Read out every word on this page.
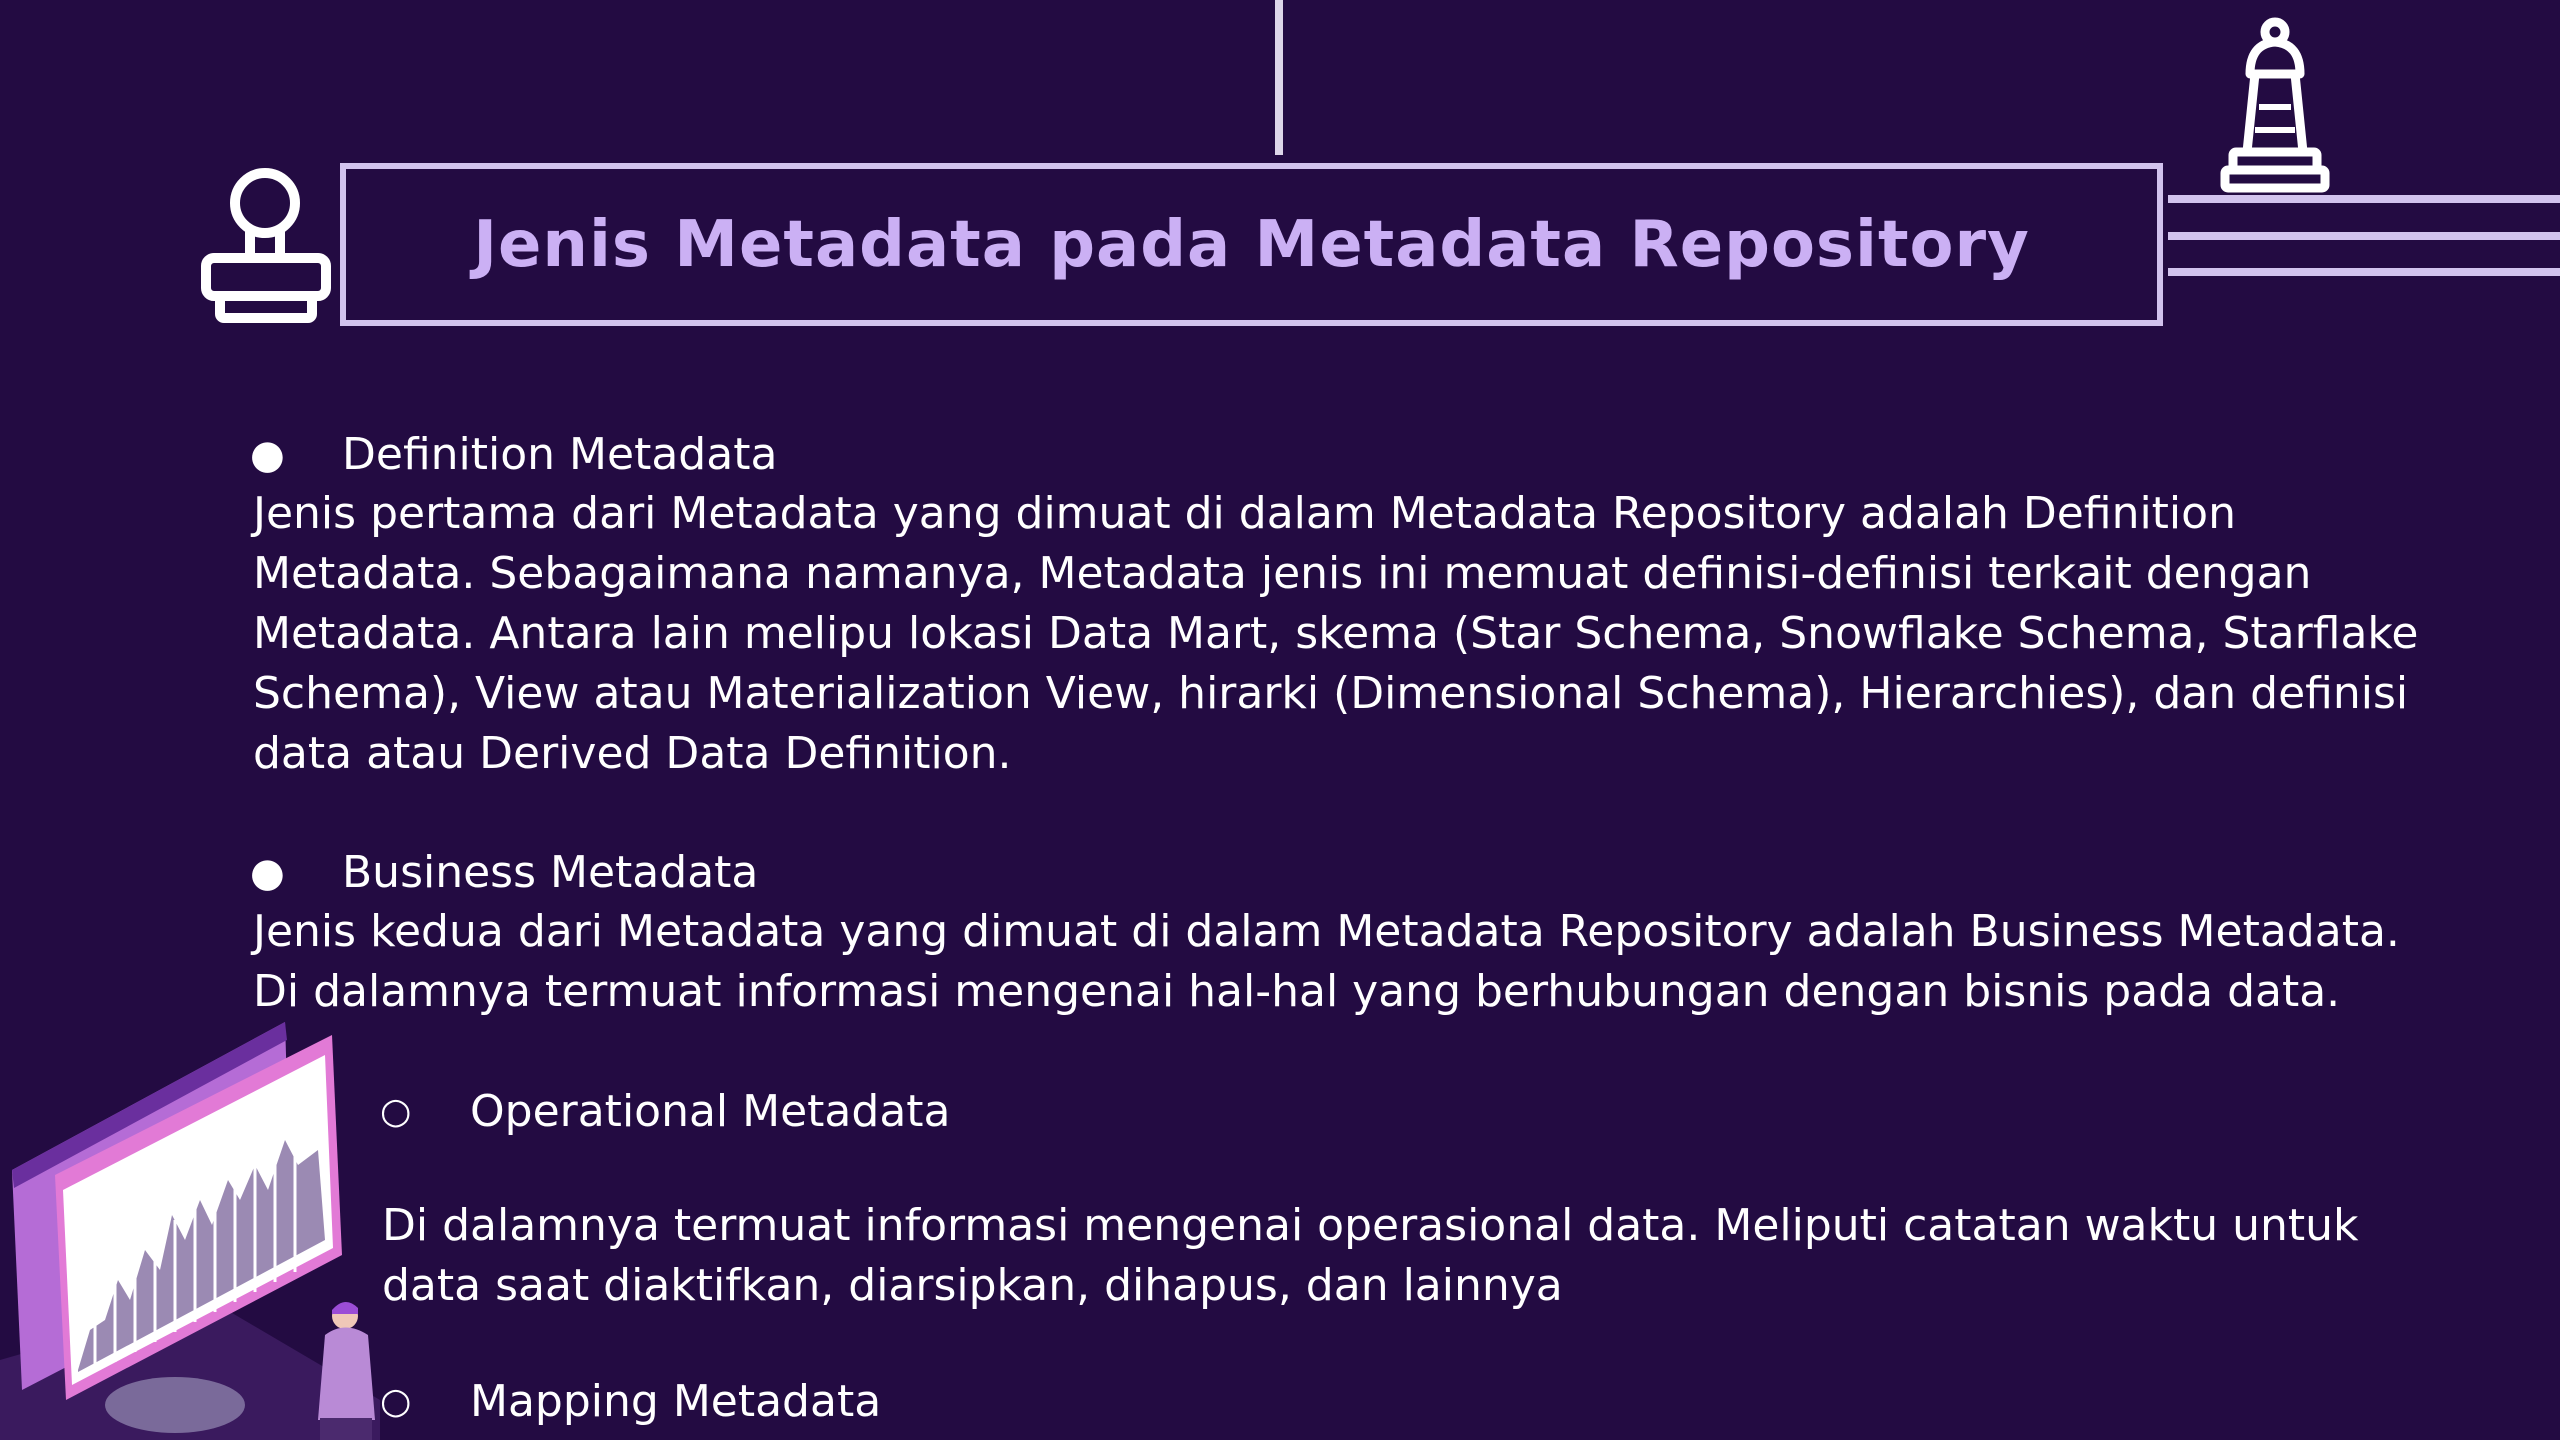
Jenis Metadata pada Metadata Repository
● Definition Metadata
Jenis pertama dari Metadata yang dimuat di dalam Metadata Repository adalah Definition
Metadata. Sebagaimana namanya, Metadata jenis ini memuat definisi-definisi terkait dengan
Metadata. Antara lain melipu lokasi Data Mart, skema (Star Schema, Snowflake Schema, Starflake
Schema), View atau Materialization View, hirarki (Dimensional Schema), Hierarchies), dan definisi
data atau Derived Data Definition.
● Business Metadata
Jenis kedua dari Metadata yang dimuat di dalam Metadata Repository adalah Business Metadata.
Di dalamnya termuat informasi mengenai hal-hal yang berhubungan dengan bisnis pada data.
○ Operational Metadata
Di dalamnya termuat informasi mengenai operasional data. Meliputi catatan waktu untuk
data saat diaktifkan, diarsipkan, dihapus, dan lainnya
○ Mapping Metadata
